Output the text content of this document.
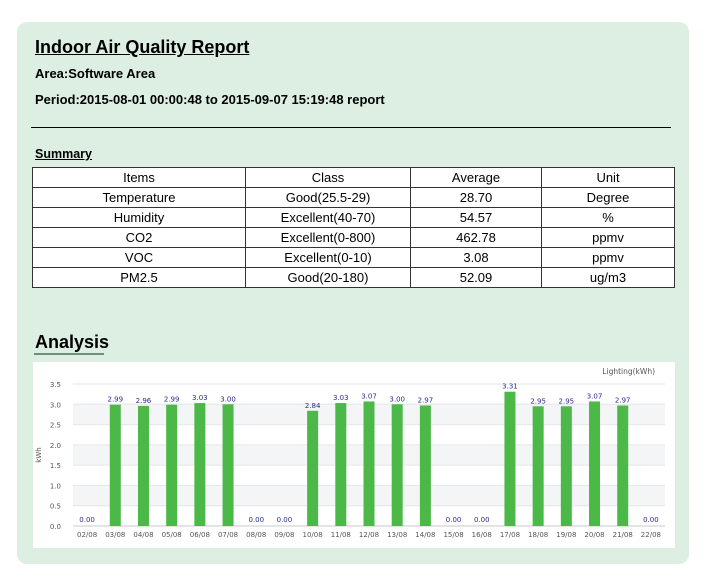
Indoor Air Quality Report
Area:Software Area
Period:2015-08-01 00:00:48 to 2015-09-07 15:19:48 report
Summary
Items	Class	Average	Unit
Temperature	Good(25.5-29)	28.70	Degree
Humidity	Excellent(40-70)	54.57	%
CO2	Excellent(0-800)	462.78	ppmv
VOC	Excellent(0-10)	3.08	ppmv
PM2.5	Good(20-180)	52.09	ug/m3
Analysis
0.0
0.5
1.0
1.5
2.0
2.5
3.0
3.5
kWh
0.00
02/08
2.99
03/08
2.96
04/08
2.99
05/08
3.03
06/08
3.00
07/08
0.00
08/08
0.00
09/08
2.84
10/08
3.03
11/08
3.07
12/08
3.00
13/08
2.97
14/08
0.00
15/08
0.00
16/08
3.31
17/08
2.95
18/08
2.95
19/08
3.07
20/08
2.97
21/08
0.00
22/08
Lighting(kWh)
